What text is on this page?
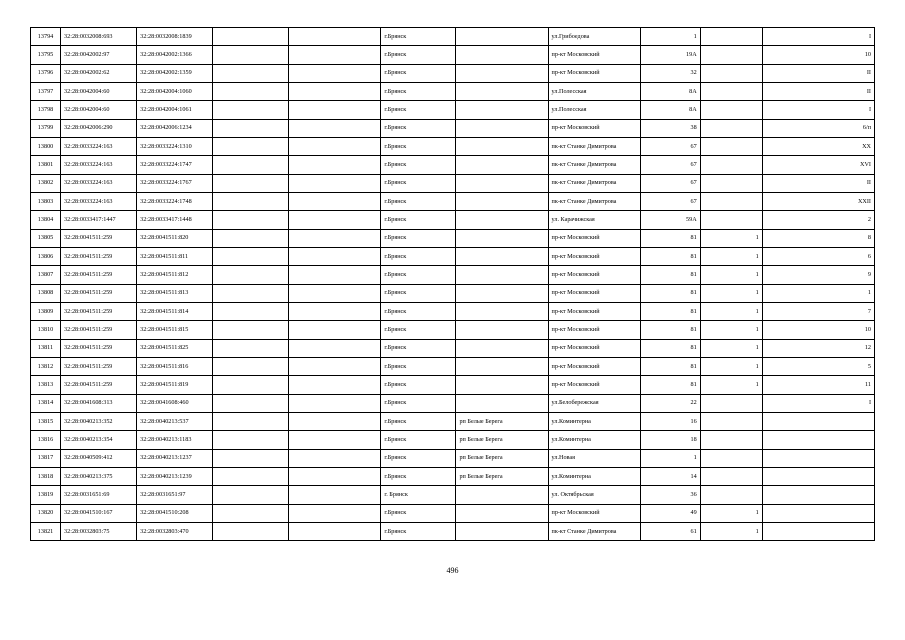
13794	32:28:0032008:693	32:28:0032008:1839			г.Брянск		ул.Грибоедова	1		I
13795	32:28:0042002:97	32:28:0042002:1366			г.Брянск		пр-кт Московский	19А		10
13796	32:28:0042002:62	32:28:0042002:1359			г.Брянск		пр-кт Московский	32		II
13797	32:28:0042004:60	32:28:0042004:1060			г.Брянск		ул.Полесская	8А		II
13798	32:28:0042004:60	32:28:0042004:1061			г.Брянск		ул.Полесская	8А		I
13799	32:28:0042006:290	32:28:0042006:1234			г.Брянск		пр-кт Московский	38		6/п
13800	32:28:0033224:163	32:28:0033224:1310			г.Брянск		пк-кт Станке Димитрова	67		XX
13801	32:28:0033224:163	32:28:0033224:1747			г.Брянск		пк-кт Станке Димитрова	67		XVI
13802	32:28:0033224:163	32:28:0033224:1767			г.Брянск		пк-кт Станке Димитрова	67		II
13803	32:28:0033224:163	32:28:0033224:1748			г.Брянск		пк-кт Станке Димитрова	67		XXII
13804	32:28:0033417:1447	32:28:0033417:1448			г.Брянск		ул. Карачижская	59А		2
13805	32:28:0041511:259	32:28:0041511:820			г.Брянск		пр-кт Московский	81	1	8
13806	32:28:0041511:259	32:28:0041511:811			г.Брянск		пр-кт Московский	81	1	6
13807	32:28:0041511:259	32:28:0041511:812			г.Брянск		пр-кт Московский	81	1	9
13808	32:28:0041511:259	32:28:0041511:813			г.Брянск		пр-кт Московский	81	1	1
13809	32:28:0041511:259	32:28:0041511:814			г.Брянск		пр-кт Московский	81	1	7
13810	32:28:0041511:259	32:28:0041511:815			г.Брянск		пр-кт Московский	81	1	10
13811	32:28:0041511:259	32:28:0041511:825			г.Брянск		пр-кт Московский	81	1	12
13812	32:28:0041511:259	32:28:0041511:816			г.Брянск		пр-кт Московский	81	1	5
13813	32:28:0041511:259	32:28:0041511:819			г.Брянск		пр-кт Московский	81	1	11
13814	32:28:0041608:313	32:28:0041608:460			г.Брянск		ул.Белобережская	22		I
13815	32:28:0040213:352	32:28:0040213:537			г.Брянск	рп Белые Берега	ул.Коминтерна	16		
13816	32:28:0040213:354	32:28:0040213:1183			г.Брянск	рп Белые Берега	ул.Коминтерна	18		
13817	32:28:0040509:412	32:28:0040213:1237			г.Брянск	рп Белые Берега	ул.Новая	1		
13818	32:28:0040213:375	32:28:0040213:1239			г.Брянск	рп Белые Берега	ул.Коминтерна	14		
13819	32:28:0031651:69	32:28:0031651:97			г. Брянск		ул. Октябрьская	36		
13820	32:28:0041510:167	32:28:0041510:208			г.Брянск		пр-кт Московский	49	1	
13821	32:28:0032803:75	32:28:0032803:470			г.Брянск		пк-кт Станке Димитрова	61	1	
496
